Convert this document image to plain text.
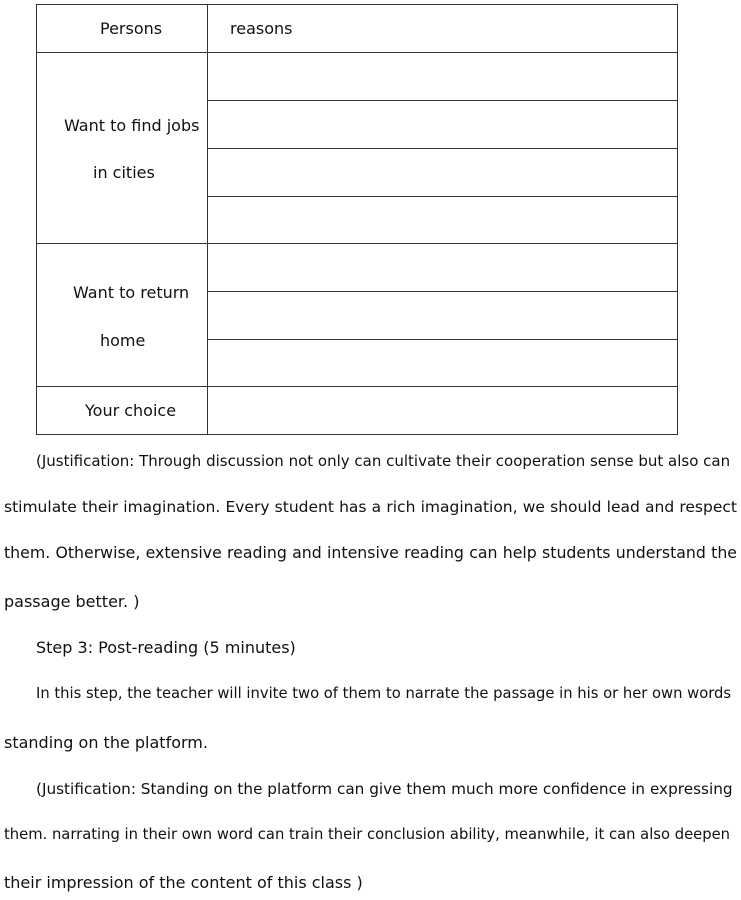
Persons	reasons
Want to find jobs
in cities
Want to return
home
Your choice
(Justification: Through discussion not only can cultivate their cooperation sense but also can
stimulate their imagination. Every student has a rich imagination, we should lead and respect
them. Otherwise, extensive reading and intensive reading can help students understand the
passage better. )
Step 3: Post-reading (5 minutes)
In this step, the teacher will invite two of them to narrate the passage in his or her own words
standing on the platform.
(Justification: Standing on the platform can give them much more confidence in expressing
them. narrating in their own word can train their conclusion ability, meanwhile, it can also deepen
their impression of the content of this class )
